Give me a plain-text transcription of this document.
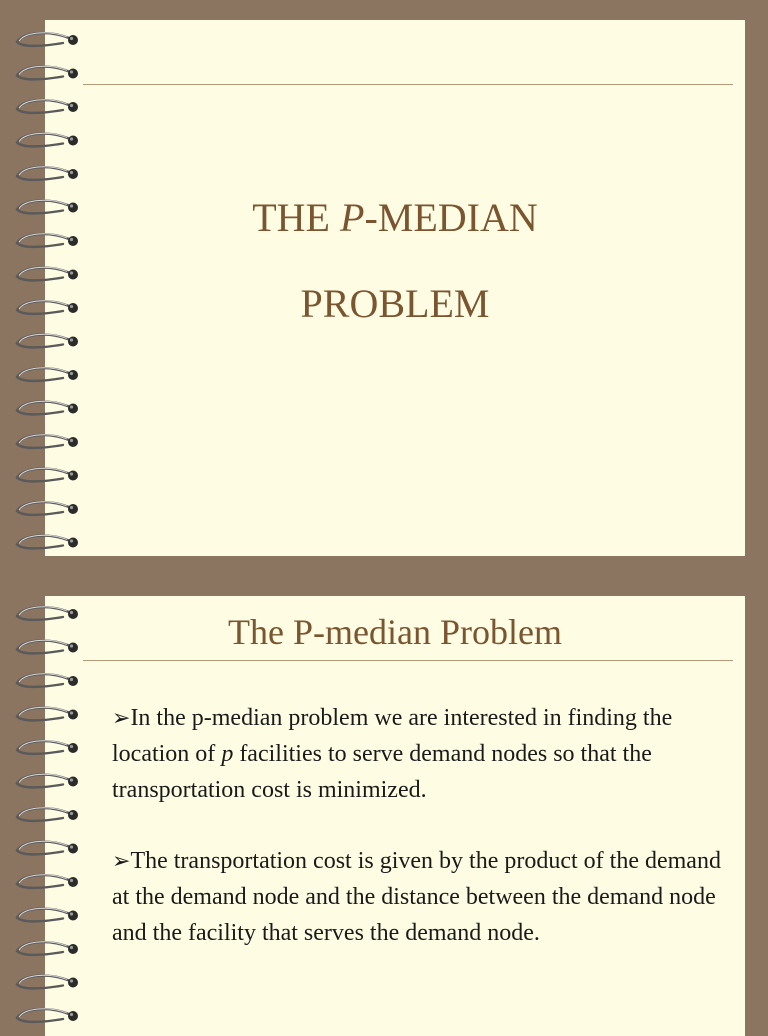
THE P-MEDIAN
PROBLEM
The P-median Problem

➢In the p-median problem we are interested in finding the location of p facilities to serve demand nodes so that the transportation cost is minimized.

➢The transportation cost is given by the product of the demand at the demand node and the distance between the demand node and the facility that serves the demand node.
